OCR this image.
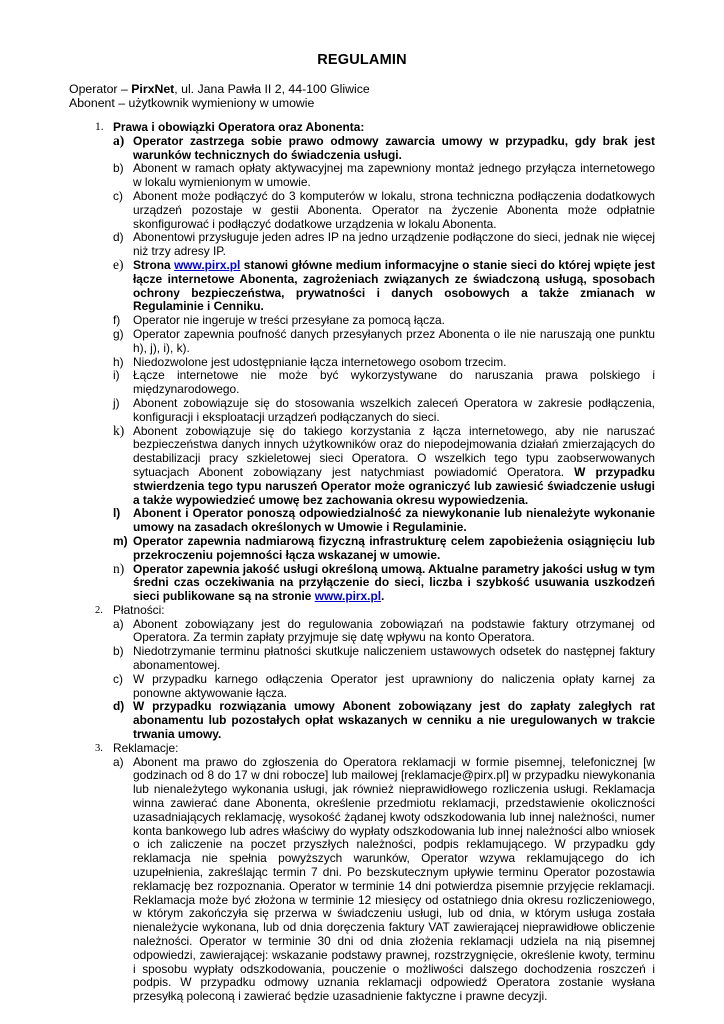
REGULAMIN
Operator – PirxNet, ul. Jana Pawła II 2, 44-100 Gliwice
Abonent – użytkownik wymieniony w umowie
1. Prawa i obowiązki Operatora oraz Abonenta:
a) Operator zastrzega sobie prawo odmowy zawarcia umowy w przypadku, gdy brak jest warunków technicznych do świadczenia usługi.
b) Abonent w ramach opłaty aktywacyjnej ma zapewniony montaż jednego przyłącza internetowego w lokalu wymienionym w umowie.
c) Abonent może podłączyć do 3 komputerów w lokalu, strona techniczna podłączenia dodatkowych urządzeń pozostaje w gestii Abonenta. Operator na życzenie Abonenta może odpłatnie skonfigurować i podłączyć dodatkowe urządzenia w lokalu Abonenta.
d) Abonentowi przysługuje jeden adres IP na jedno urządzenie podłączone do sieci, jednak nie więcej niż trzy adresy IP.
e) Strona www.pirx.pl stanowi główne medium informacyjne o stanie sieci do której wpięte jest łącze internetowe Abonenta, zagrożeniach związanych ze świadczoną usługą, sposobach ochrony bezpieczeństwa, prywatności i danych osobowych a także zmianach w Regulaminie i Cenniku.
f) Operator nie ingeruje w treści przesyłane za pomocą łącza.
g) Operator zapewnia poufność danych przesyłanych przez Abonenta o ile nie naruszają one punktu h), j), i), k).
h) Niedozwolone jest udostępnianie łącza internetowego osobom trzecim.
i) Łącze internetowe nie może być wykorzystywane do naruszania prawa polskiego i międzynarodowego.
j) Abonent zobowiązuje się do stosowania wszelkich zaleceń Operatora w zakresie podłączenia, konfiguracji i eksploatacji urządzeń podłączanych do sieci.
k) Abonent zobowiązuje się do takiego korzystania z łącza internetowego, aby nie naruszać bezpieczeństwa danych innych użytkowników oraz do niepodejmowania działań zmierzających do destabilizacji pracy szkieletowej sieci Operatora. O wszelkich tego typu zaobserwowanych sytuacjach Abonent zobowiązany jest natychmiast powiadomić Operatora. W przypadku stwierdzenia tego typu naruszeń Operator może ograniczyć lub zawiesić świadczenie usługi a także wypowiedzieć umowę bez zachowania okresu wypowiedzenia.
l) Abonent i Operator ponoszą odpowiedzialność za niewykonanie lub nienależyte wykonanie umowy na zasadach określonych w Umowie i Regulaminie.
m) Operator zapewnia nadmiarową fizyczną infrastrukturę celem zapobieżenia osiągnięciu lub przekroczeniu pojemności łącza wskazanej w umowie.
n) Operator zapewnia jakość usługi określoną umową. Aktualne parametry jakości usług w tym średni czas oczekiwania na przyłączenie do sieci, liczba i szybkość usuwania uszkodzeń sieci publikowane są na stronie www.pirx.pl.
2. Płatności:
a) Abonent zobowiązany jest do regulowania zobowiązań na podstawie faktury otrzymanej od Operatora. Za termin zapłaty przyjmuje się datę wpływu na konto Operatora.
b) Niedotrzymanie terminu płatności skutkuje naliczeniem ustawowych odsetek do następnej faktury abonamentowej.
c) W przypadku karnego odłączenia Operator jest uprawniony do naliczenia opłaty karnej za ponowne aktywowanie łącza.
d) W przypadku rozwiązania umowy Abonent zobowiązany jest do zapłaty zaległych rat abonamentu lub pozostałych opłat wskazanych w cenniku a nie uregulowanych w trakcie trwania umowy.
3. Reklamacje:
a) Abonent ma prawo do zgłoszenia do Operatora reklamacji w formie pisemnej, telefonicznej [w godzinach od 8 do 17 w dni robocze] lub mailowej [reklamacje@pirx.pl] w przypadku niewykonania lub nienależytego wykonania usługi, jak również nieprawidłowego rozliczenia usługi. Reklamacja winna zawierać dane Abonenta, określenie przedmiotu reklamacji, przedstawienie okoliczności uzasadniających reklamację, wysokość żądanej kwoty odszkodowania lub innej należności, numer konta bankowego lub adres właściwy do wypłaty odszkodowania lub innej należności albo wniosek o ich zaliczenie na poczet przyszłych należności, podpis reklamującego. W przypadku gdy reklamacja nie spełnia powyższych warunków, Operator wzywa reklamującego do ich uzupełnienia, zakreślając termin 7 dni. Po bezskutecznym upływie terminu Operator pozostawia reklamację bez rozpoznania. Operator w terminie 14 dni potwierdza pisemnie przyjęcie reklamacji. Reklamacja może być złożona w terminie 12 miesięcy od ostatniego dnia okresu rozliczeniowego, w którym zakończyła się przerwa w świadczeniu usługi, lub od dnia, w którym usługa została nienależycie wykonana, lub od dnia doręczenia faktury VAT zawierającej nieprawidłowe obliczenie należności. Operator w terminie 30 dni od dnia złożenia reklamacji udziela na nią pisemnej odpowiedzi, zawierającej: wskazanie podstawy prawnej, rozstrzygnięcie, określenie kwoty, terminu i sposobu wypłaty odszkodowania, pouczenie o możliwości dalszego dochodzenia roszczeń i podpis. W przypadku odmowy uznania reklamacji odpowiedź Operatora zostanie wysłana przesyłką poleconą i zawierać będzie uzasadnienie faktyczne i prawne decyzji.
